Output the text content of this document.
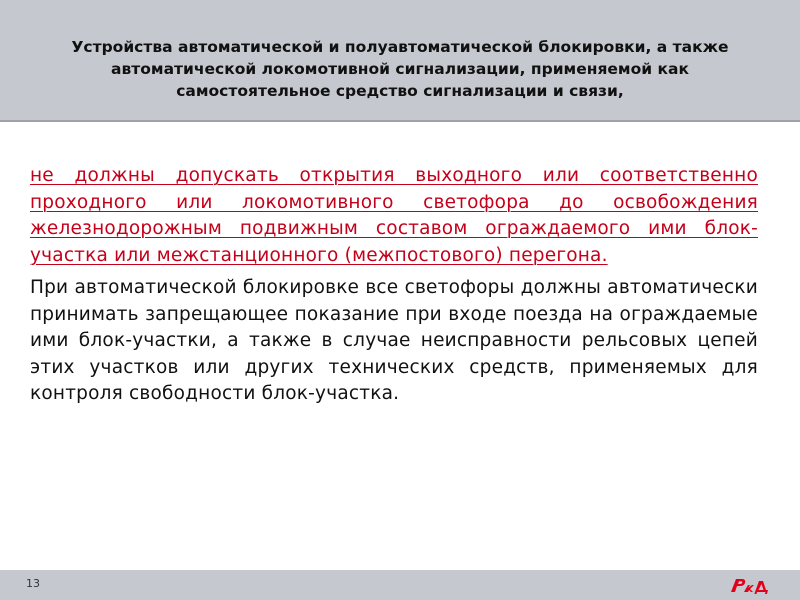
Устройства автоматической и полуавтоматической блокировки, а также автоматической локомотивной сигнализации, применяемой как самостоятельное средство сигнализации и связи,

не должны допускать открытия выходного или соответственно проходного или локомотивного светофора до освобождения железнодорожным подвижным составом ограждаемого ими блок-участка или межстанционного (межпостового) перегона.

При автоматической блокировке все светофоры должны автоматически принимать запрещающее показание при входе поезда на ограждаемые ими блок-участки, а также в случае неисправности рельсовых цепей этих участков или других технических средств, применяемых для контроля свободности блок-участка.

13
